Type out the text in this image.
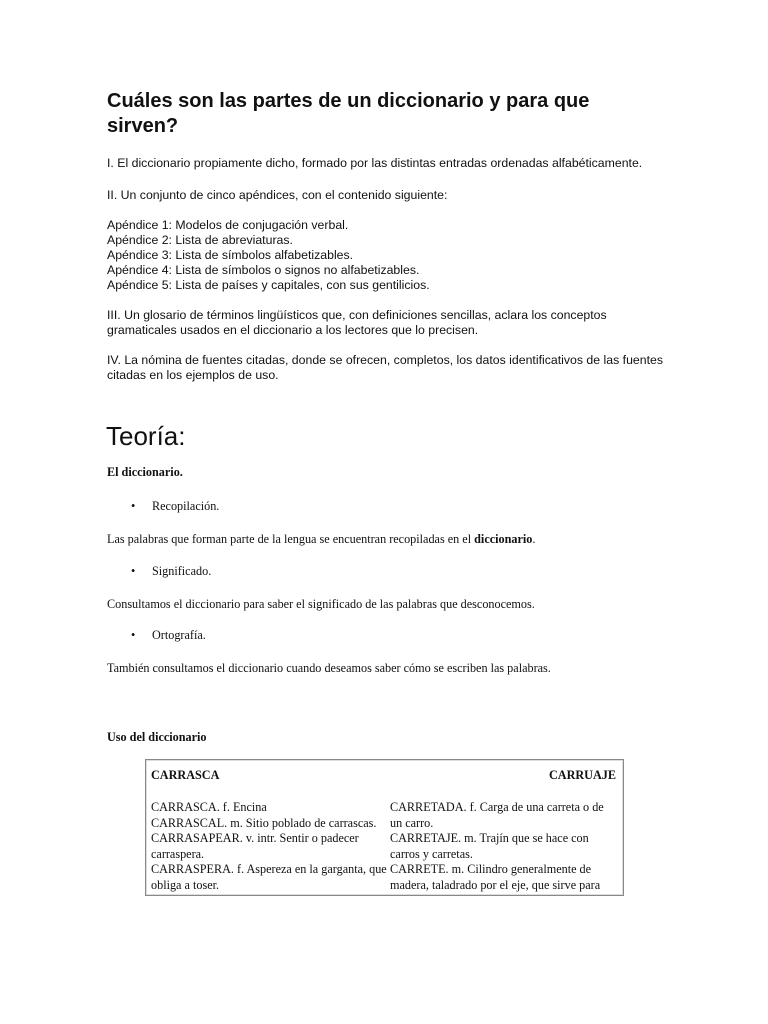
Cuáles son las partes de un diccionario y para que sirven?

I. El diccionario propiamente dicho, formado por las distintas entradas ordenadas alfabéticamente.

II. Un conjunto de cinco apéndices, con el contenido siguiente:

Apéndice 1: Modelos de conjugación verbal.
Apéndice 2: Lista de abreviaturas.
Apéndice 3: Lista de símbolos alfabetizables.
Apéndice 4: Lista de símbolos o signos no alfabetizables.
Apéndice 5: Lista de países y capitales, con sus gentilicios.

III. Un glosario de términos lingüísticos que, con definiciones sencillas, aclara los conceptos gramaticales usados en el diccionario a los lectores que lo precisen.

IV. La nómina de fuentes citadas, donde se ofrecen, completos, los datos identificativos de las fuentes citadas en los ejemplos de uso.

Teoría:

El diccionario.

• Recopilación.

Las palabras que forman parte de la lengua se encuentran recopiladas en el diccionario.

• Significado.

Consultamos el diccionario para saber el significado de las palabras que desconocemos.

• Ortografía.

También consultamos el diccionario cuando deseamos saber cómo se escriben las palabras.

Uso del diccionario

CARRASCA	CARRUAJE
CARRASCA. f. Encina
CARRASCAL. m. Sitio poblado de carrascas.
CARRASAPEAR. v. intr. Sentir o padecer carraspera.
CARRASPERA. f. Aspereza en la garganta, que obliga a toser.
CARRETADA. f. Carga de una carreta o de un carro.
CARRETAJE. m. Trajín que se hace con carros y carretas.
CARRETE. m. Cilindro generalmente de madera, taladrado por el eje, que sirve para
